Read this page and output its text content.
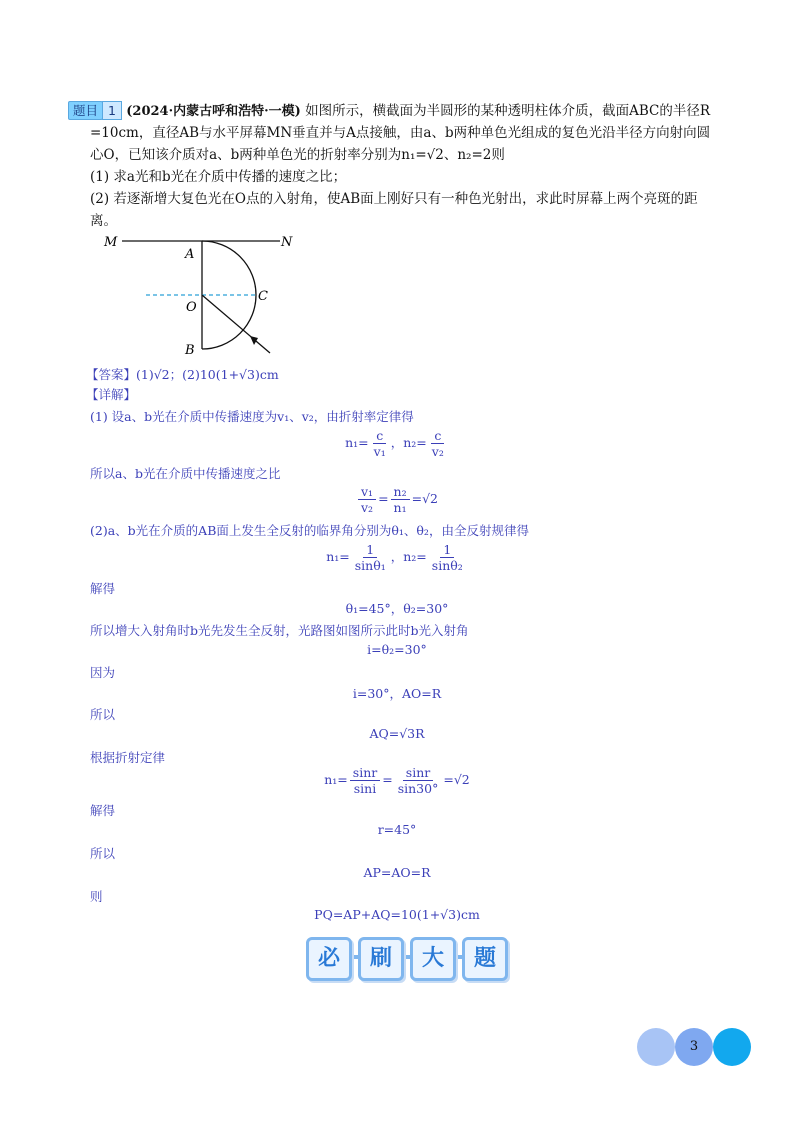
题目 1 (2024·内蒙古呼和浩特·一模) 如图所示，横截面为半圆形的某种透明柱体介质，截面ABC的半径R
=10cm，直径AB与水平屏幕MN垂直并与A点接触，由a、b两种单色光组成的复色光沿半径方向射向圆
心O，已知该介质对a、b两种单色光的折射率分别为n₁=√2、n₂=2则
(1) 求a光和b光在介质中传播的速度之比；
(2) 若逐渐增大复色光在O点的入射角，使AB面上刚好只有一种色光射出，求此时屏幕上两个亮斑的距
离。
M	N
A
C
O
B
【答案】(1)√2；(2)10(1+√3)cm
【详解】
(1) 设a、b光在介质中传播速度为v₁、v₂，由折射率定律得
$n_1= \frac{c}{\text{v₁}}$ ，$n_2= \frac{c}{\text{v₂}}$
所以a、b光在介质中传播速度之比
$\frac{\text{v₁}}{\text{v₂}} = \frac{\text{n₂}}{\text{n₁}} =√2$
(2)a、b光在介质的AB面上发生全反射的临界角分别为θ₁、θ₂，由全反射规律得
$n_1= \frac{1}{\text{sinθ₁}}$ ，$n_2= \frac{1}{\text{sinθ₂}}$
解得
θ₁=45°，θ₂=30°
所以增大入射角时b光先发生全反射，光路图如图所示此时b光入射角
i=θ₂=30°
因为
i=30°，AO=R
所以
AQ=√3R
根据折射定律
$n_1= \frac{\sin r}{\sin i} = \frac{\sin r}{\sin 30^\circ} =√2$
解得
r=45°
所以
AP=AO=R
则
PQ=AP+AQ=10(1+√3)cm
必	刷	大	题
3
